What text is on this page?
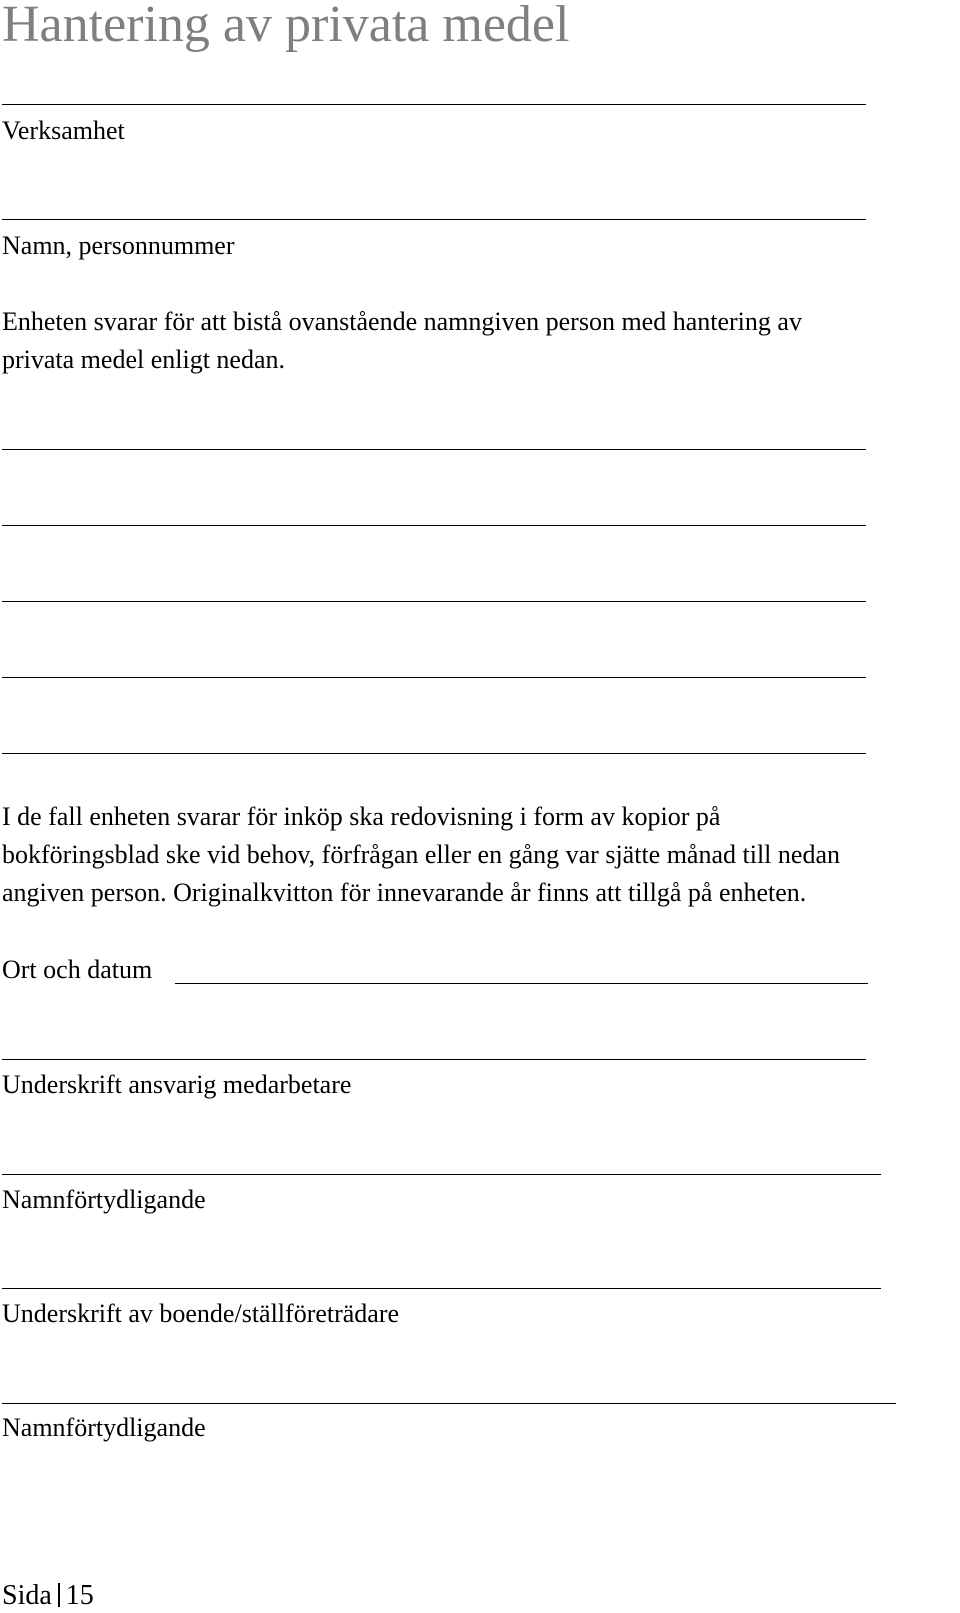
Hantering av privata medel
Verksamhet
Namn, personnummer
Enheten svarar för att bistå ovanstående namngiven person med hantering av
privata medel enligt nedan.
I de fall enheten svarar för inköp ska redovisning i form av kopior på
bokföringsblad ske vid behov, förfrågan eller en gång var sjätte månad till nedan
angiven person. Originalkvitton för innevarande år finns att tillgå på enheten.
Ort och datum
Underskrift ansvarig medarbetare
Namnförtydligande
Underskrift av boende/ställföreträdare
Namnförtydligande
Sida 15
